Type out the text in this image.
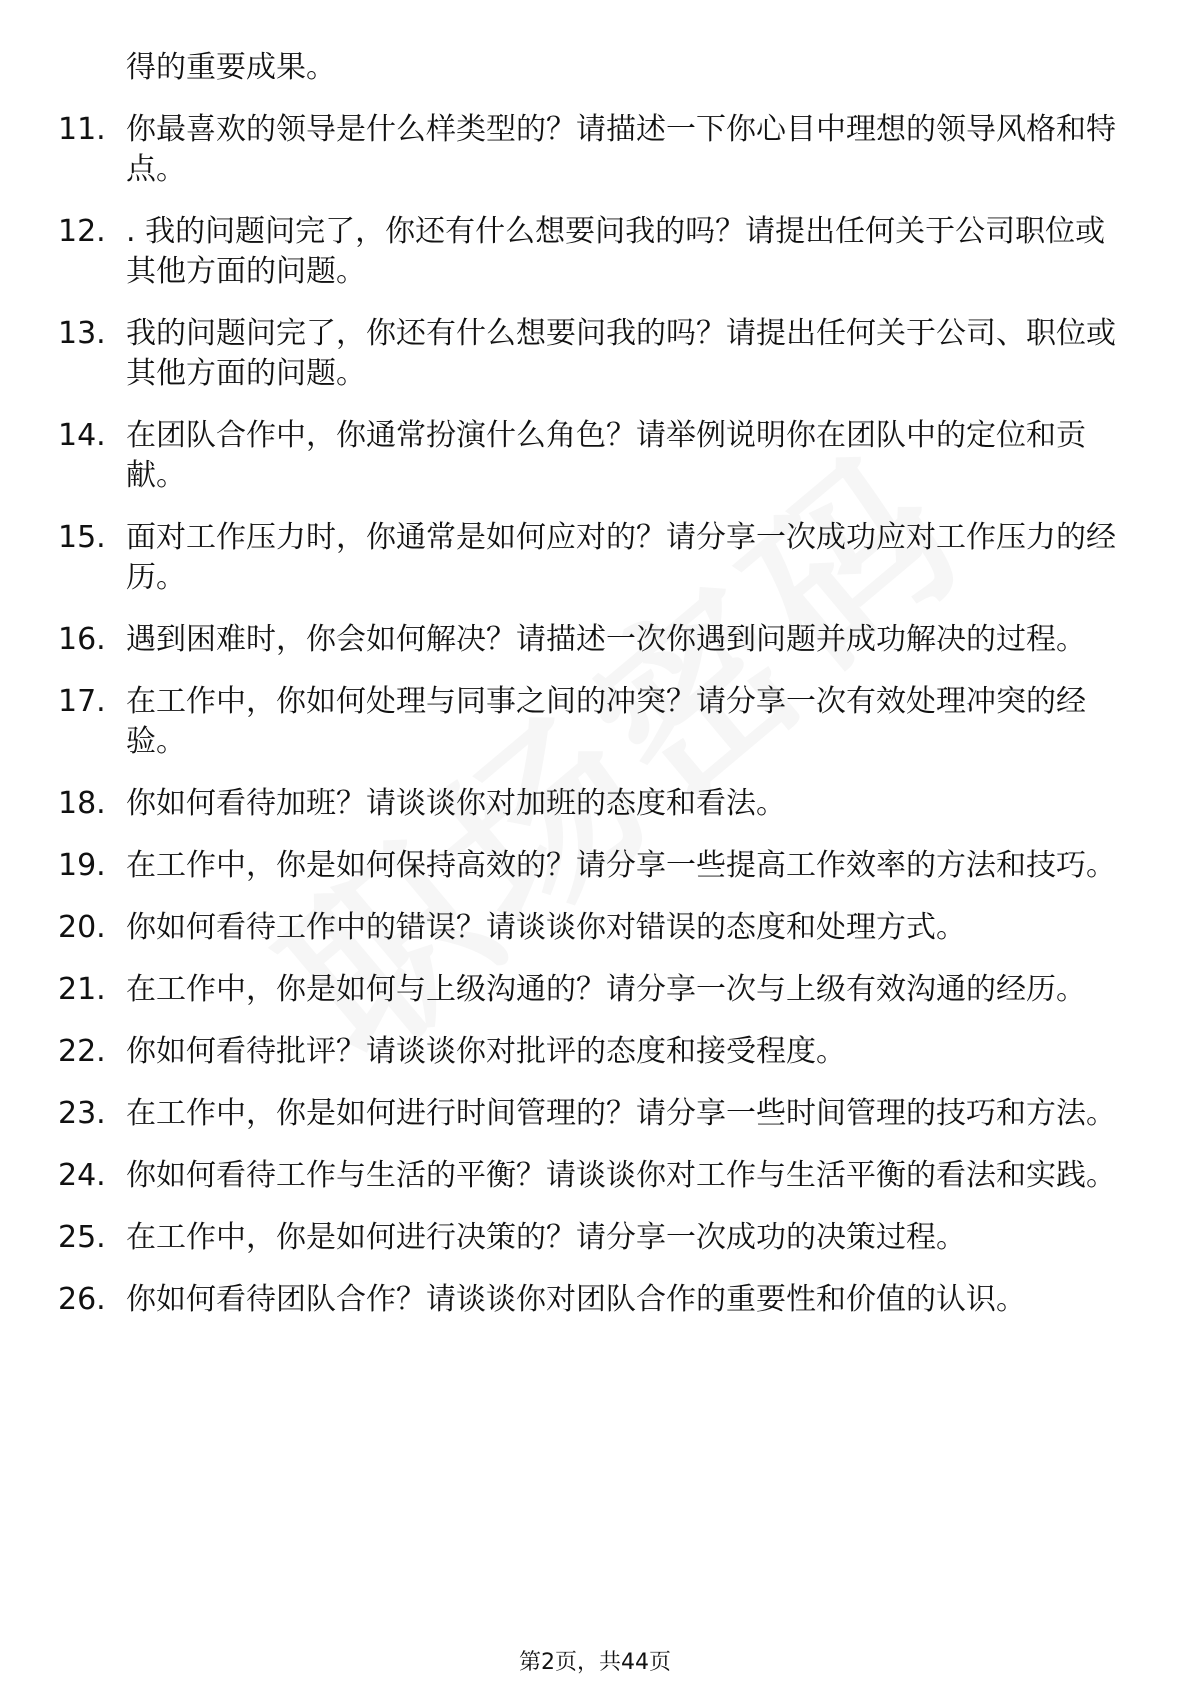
得的重要成果。
11. 你最喜欢的领导是什么样类型的？请描述一下你心目中理想的领导风格和特点。
12. . 我的问题问完了，你还有什么想要问我的吗？请提出任何关于公司职位或其他方面的问题。
13. 我的问题问完了，你还有什么想要问我的吗？请提出任何关于公司、职位或其他方面的问题。
14. 在团队合作中，你通常扮演什么角色？请举例说明你在团队中的定位和贡献。
15. 面对工作压力时，你通常是如何应对的？请分享一次成功应对工作压力的经历。
16. 遇到困难时，你会如何解决？请描述一次你遇到问题并成功解决的过程。
17. 在工作中，你如何处理与同事之间的冲突？请分享一次有效处理冲突的经验。
18. 你如何看待加班？请谈谈你对加班的态度和看法。
19. 在工作中，你是如何保持高效的？请分享一些提高工作效率的方法和技巧。
20. 你如何看待工作中的错误？请谈谈你对错误的态度和处理方式。
21. 在工作中，你是如何与上级沟通的？请分享一次与上级有效沟通的经历。
22. 你如何看待批评？请谈谈你对批评的态度和接受程度。
23. 在工作中，你是如何进行时间管理的？请分享一些时间管理的技巧和方法。
24. 你如何看待工作与生活的平衡？请谈谈你对工作与生活平衡的看法和实践。
25. 在工作中，你是如何进行决策的？请分享一次成功的决策过程。
26. 你如何看待团队合作？请谈谈你对团队合作的重要性和价值的认识。
第2页，共44页
